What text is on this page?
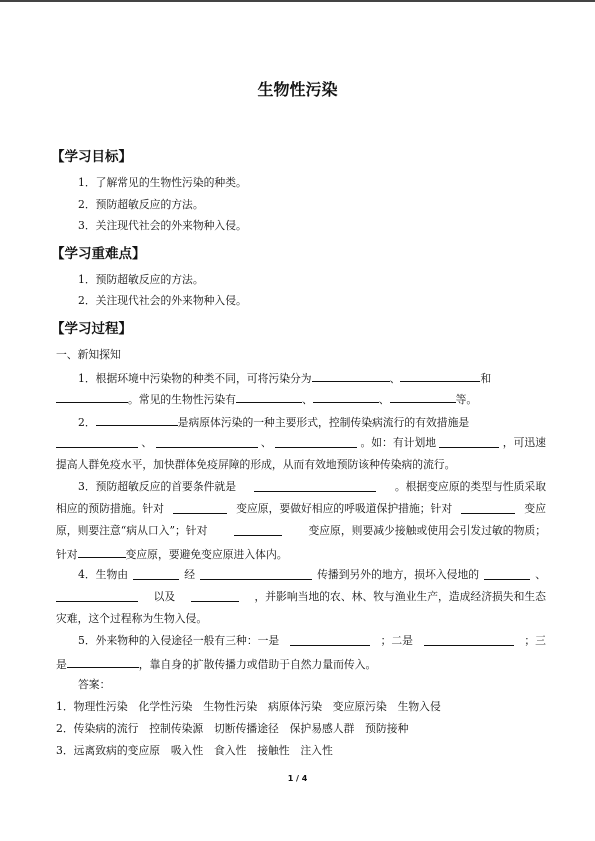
生物性污染
【学习目标】
1．了解常见的生物性污染的种类。
2．预防超敏反应的方法。
3．关注现代社会的外来物种入侵。
【学习重难点】
1．预防超敏反应的方法。
2．关注现代社会的外来物种入侵。
【学习过程】
一、新知探知
1．根据环境中污染物的种类不同，可将污染分为	、	和
。常见的生物性污染有	、	、	等。
2．	是病原体污染的一种主要形式，控制传染病流行的有效措施是
、	、	。如：有计划地	，可迅速
提高人群免疫水平，加快群体免疫屏障的形成，从而有效地预防该种传染病的流行。
3．预防超敏反应的首要条件就是	。根据变应原的类型与性质采取
相应的预防措施。针对	变应原，要做好相应的呼吸道保护措施；针对	变应
原，则要注意“病从口入”；针对	变应原，则要减少接触或使用会引发过敏的物质；
针对	变应原，要避免变应原进入体内。
4．生物由	经	传播到另外的地方，损坏入侵地的	、
以及	，并影响当地的农、林、牧与渔业生产，造成经济损失和生态
灾难，这个过程称为生物入侵。
5．外来物种的入侵途径一般有三种：一是	；二是	；三
是	，靠自身的扩散传播力或借助于自然力量而传入。
答案：
1．物理性污染　化学性污染　生物性污染　病原体污染　变应原污染　生物入侵
2．传染病的流行　控制传染源　切断传播途径　保护易感人群　预防接种
3．远离致病的变应原　吸入性　食入性　接触性　注入性
1 / 4
